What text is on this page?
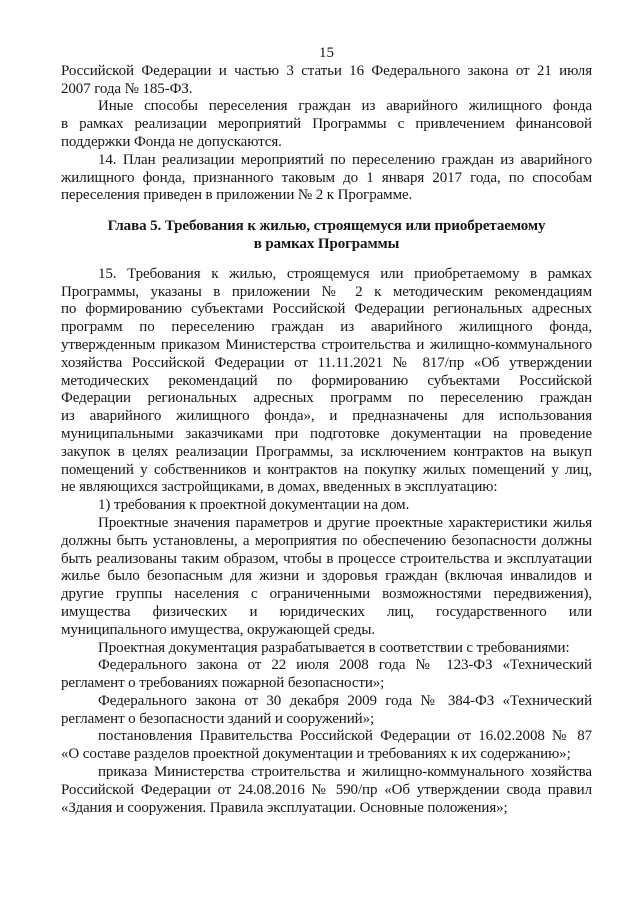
15
Российской Федерации и частью 3 статьи 16 Федерального закона от 21 июля
2007 года № 185-ФЗ.
Иные способы переселения граждан из аварийного жилищного фонда
в рамках реализации мероприятий Программы с привлечением финансовой
поддержки Фонда не допускаются.
14. План реализации мероприятий по переселению граждан из аварийного
жилищного фонда, признанного таковым до 1 января 2017 года, по способам
переселения приведен в приложении № 2 к Программе.
Глава 5. Требования к жилью, строящемуся или приобретаемому
в рамках Программы
15. Требования к жилью, строящемуся или приобретаемому в рамках
Программы, указаны в приложении № 2 к методическим рекомендациям
по формированию субъектами Российской Федерации региональных адресных
программ по переселению граждан из аварийного жилищного фонда,
утвержденным приказом Министерства строительства и жилищно-коммунального
хозяйства Российской Федерации от 11.11.2021 № 817/пр «Об утверждении
методических рекомендаций по формированию субъектами Российской
Федерации региональных адресных программ по переселению граждан
из аварийного жилищного фонда», и предназначены для использования
муниципальными заказчиками при подготовке документации на проведение
закупок в целях реализации Программы, за исключением контрактов на выкуп
помещений у собственников и контрактов на покупку жилых помещений у лиц,
не являющихся застройщиками, в домах, введенных в эксплуатацию:
1) требования к проектной документации на дом.
Проектные значения параметров и другие проектные характеристики жилья
должны быть установлены, а мероприятия по обеспечению безопасности должны
быть реализованы таким образом, чтобы в процессе строительства и эксплуатации
жилье было безопасным для жизни и здоровья граждан (включая инвалидов и
другие группы населения с ограниченными возможностями передвижения),
имущества физических и юридических лиц, государственного или
муниципального имущества, окружающей среды.
Проектная документация разрабатывается в соответствии с требованиями:
Федерального закона от 22 июля 2008 года № 123-ФЗ «Технический
регламент о требованиях пожарной безопасности»;
Федерального закона от 30 декабря 2009 года № 384-ФЗ «Технический
регламент о безопасности зданий и сооружений»;
постановления Правительства Российской Федерации от 16.02.2008 № 87
«О составе разделов проектной документации и требованиях к их содержанию»;
приказа Министерства строительства и жилищно-коммунального хозяйства
Российской Федерации от 24.08.2016 № 590/пр «Об утверждении свода правил
«Здания и сооружения. Правила эксплуатации. Основные положения»;
